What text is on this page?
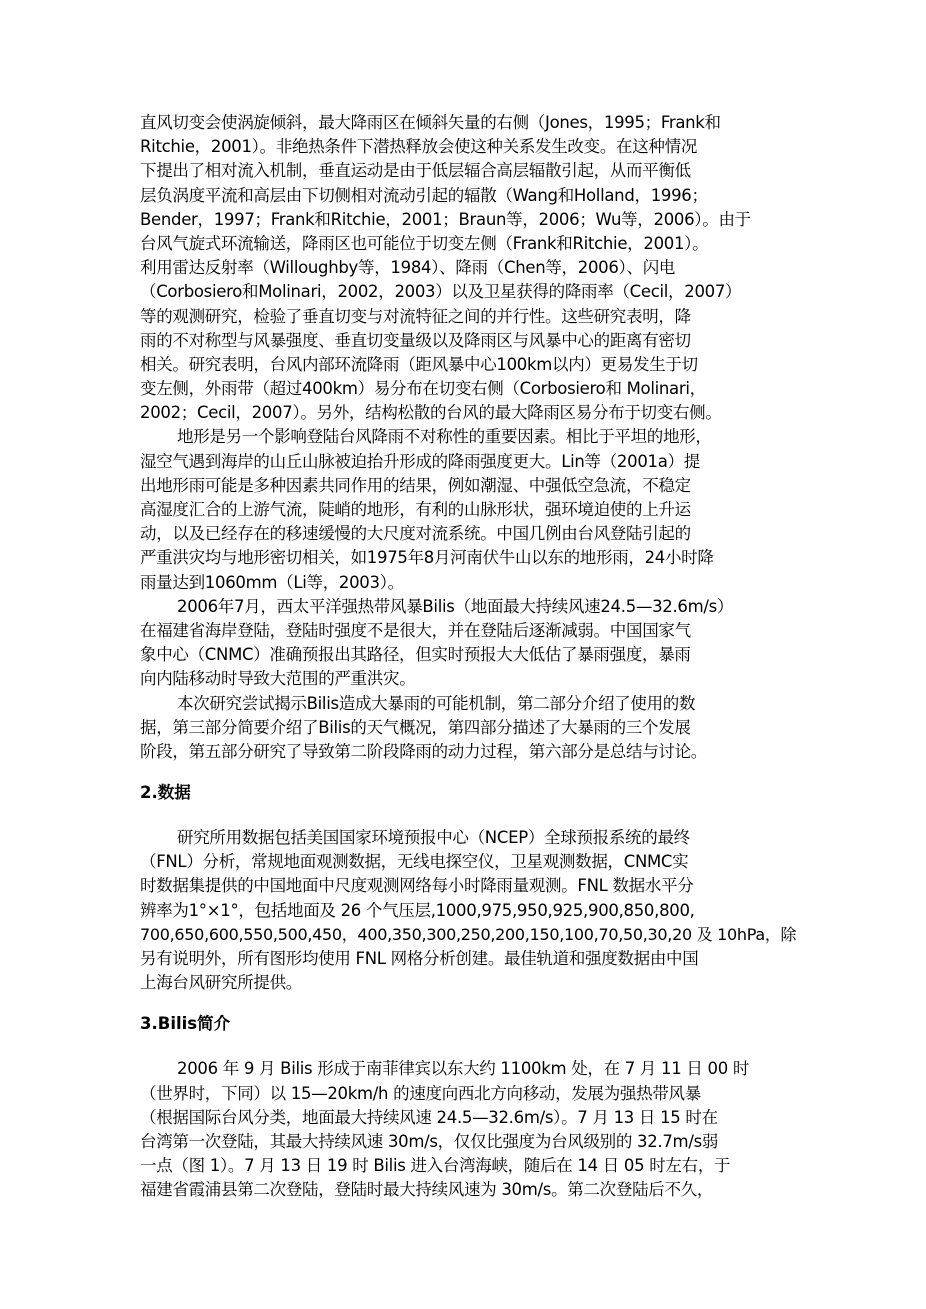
直风切变会使涡旋倾斜，最大降雨区在倾斜矢量的右侧（Jones，1995；Frank和
Ritchie，2001）。非绝热条件下潜热释放会使这种关系发生改变。在这种情况
下提出了相对流入机制，垂直运动是由于低层辐合高层辐散引起，从而平衡低
层负涡度平流和高层由下切侧相对流动引起的辐散（Wang和Holland，1996；
Bender，1997；Frank和Ritchie，2001；Braun等，2006；Wu等，2006）。由于
台风气旋式环流输送，降雨区也可能位于切变左侧（Frank和Ritchie，2001）。
利用雷达反射率（Willoughby等，1984）、降雨（Chen等，2006）、闪电
（Corbosiero和Molinari，2002，2003）以及卫星获得的降雨率（Cecil，2007）
等的观测研究，检验了垂直切变与对流特征之间的并行性。这些研究表明，降
雨的不对称型与风暴强度、垂直切变量级以及降雨区与风暴中心的距离有密切
相关。研究表明，台风内部环流降雨（距风暴中心100km以内）更易发生于切
变左侧，外雨带（超过400km）易分布在切变右侧（Corbosiero和 Molinari，
2002；Cecil，2007）。另外，结构松散的台风的最大降雨区易分布于切变右侧。
地形是另一个影响登陆台风降雨不对称性的重要因素。相比于平坦的地形，
湿空气遇到海岸的山丘山脉被迫抬升形成的降雨强度更大。Lin等（2001a）提
出地形雨可能是多种因素共同作用的结果，例如潮湿、中强低空急流，不稳定
高湿度汇合的上游气流，陡峭的地形，有利的山脉形状，强环境迫使的上升运
动，以及已经存在的移速缓慢的大尺度对流系统。中国几例由台风登陆引起的
严重洪灾均与地形密切相关，如1975年8月河南伏牛山以东的地形雨，24小时降
雨量达到1060mm（Li等，2003）。
2006年7月，西太平洋强热带风暴Bilis（地面最大持续风速24.5—32.6m/s）
在福建省海岸登陆，登陆时强度不是很大，并在登陆后逐渐减弱。中国国家气
象中心（CNMC）准确预报出其路径，但实时预报大大低估了暴雨强度，暴雨
向内陆移动时导致大范围的严重洪灾。
本次研究尝试揭示Bilis造成大暴雨的可能机制，第二部分介绍了使用的数
据，第三部分简要介绍了Bilis的天气概况，第四部分描述了大暴雨的三个发展
阶段，第五部分研究了导致第二阶段降雨的动力过程，第六部分是总结与讨论。
2.数据
研究所用数据包括美国国家环境预报中心（NCEP）全球预报系统的最终
（FNL）分析，常规地面观测数据，无线电探空仪，卫星观测数据，CNMC实
时数据集提供的中国地面中尺度观测网络每小时降雨量观测。FNL 数据水平分
辨率为1°×1°，包括地面及 26 个气压层,1000,975,950,925,900,850,800,
700,650,600,550,500,450，400,350,300,250,200,150,100,70,50,30,20 及 10hPa，除
另有说明外，所有图形均使用 FNL 网格分析创建。最佳轨道和强度数据由中国
上海台风研究所提供。
3.Bilis简介
2006 年 9 月 Bilis 形成于南菲律宾以东大约 1100km 处，在 7 月 11 日 00 时
（世界时，下同）以 15—20km/h 的速度向西北方向移动，发展为强热带风暴
（根据国际台风分类，地面最大持续风速 24.5—32.6m/s）。7 月 13 日 15 时在
台湾第一次登陆，其最大持续风速 30m/s，仅仅比强度为台风级别的 32.7m/s弱
一点（图 1）。7 月 13 日 19 时 Bilis 进入台湾海峡，随后在 14 日 05 时左右，于
福建省霞浦县第二次登陆，登陆时最大持续风速为 30m/s。第二次登陆后不久，
